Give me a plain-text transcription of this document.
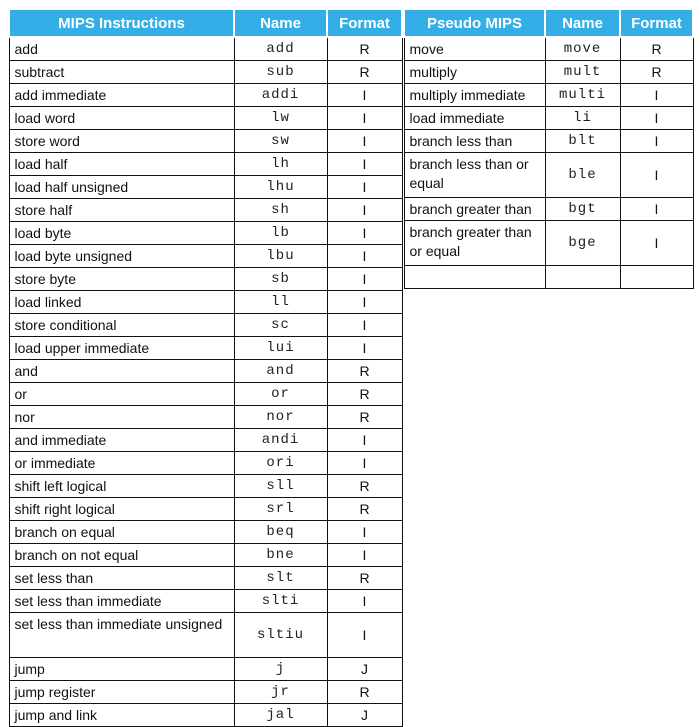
MIPS Instructions	Name	Format
add	add	R
subtract	sub	R
add immediate	addi	I
load word	lw	I
store word	sw	I
load half	lh	I
load half unsigned	lhu	I
store half	sh	I
load byte	lb	I
load byte unsigned	lbu	I
store byte	sb	I
load linked	ll	I
store conditional	sc	I
load upper immediate	lui	I
and	and	R
or	or	R
nor	nor	R
and immediate	andi	I
or immediate	ori	I
shift left logical	sll	R
shift right logical	srl	R
branch on equal	beq	I
branch on not equal	bne	I
set less than	slt	R
set less than immediate	slti	I
set less than immediate unsigned	sltiu	I
jump	j	J
jump register	jr	R
jump and link	jal	J
Pseudo MIPS	Name	Format
move	move	R
multiply	mult	R
multiply immediate	multi	I
load immediate	li	I
branch less than	blt	I
branch less than or equal	ble	I
branch greater than	bgt	I
branch greater than or equal	bge	I
